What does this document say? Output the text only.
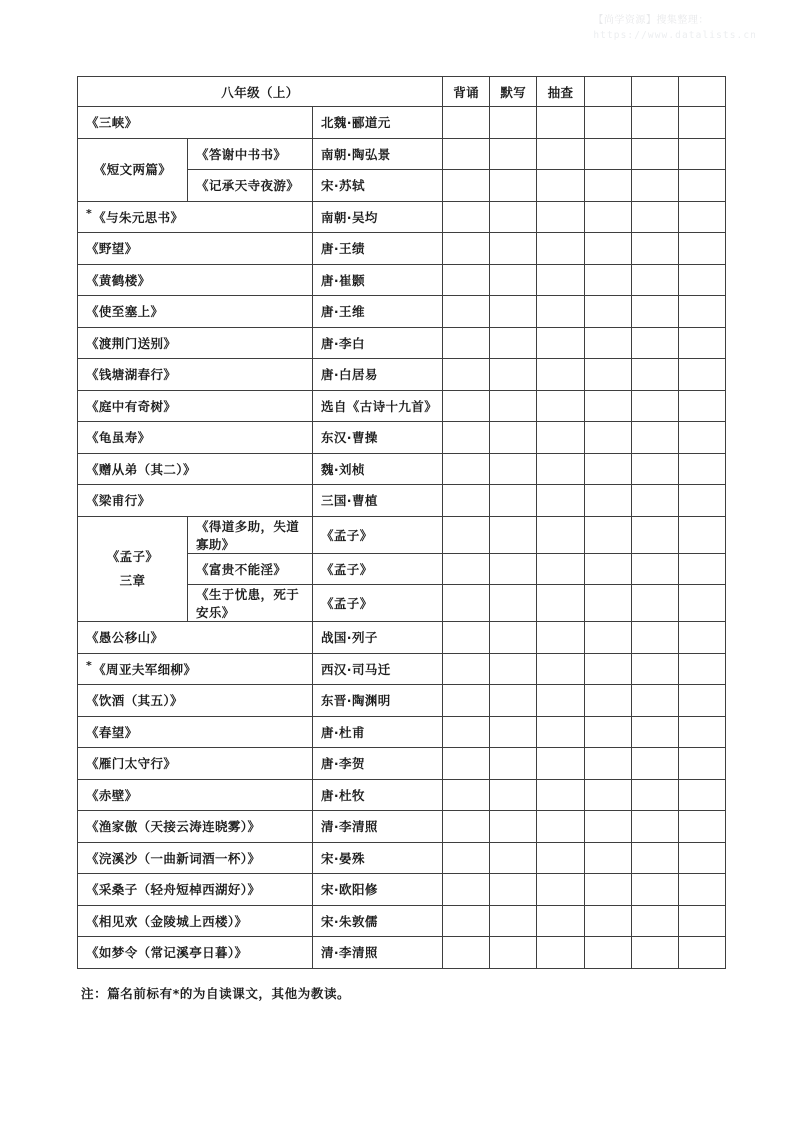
【尚学资源】搜集整理：
https://www.datalists.cn
八年级（上）			背诵	默写	抽查			
《三峡》		北魏·郦道元						

《短文两篇》	《答谢中书书》	南朝·陶弘景						
	《记承天寺夜游》	宋·苏轼						
*《与朱元思书》		南朝·吴均						
《野望》		唐·王绩						
《黄鹤楼》		唐·崔颢						
《使至塞上》		唐·王维						
《渡荆门送别》		唐·李白						
《钱塘湖春行》		唐·白居易						
《庭中有奇树》		选自《古诗十九首》						
《龟虽寿》		东汉·曹操						
《赠从弟（其二）》		魏·刘桢						
《梁甫行》		三国·曹植						

《孟子》
三章	《得道多助，失道寡助》	《孟子》						
	《富贵不能淫》	《孟子》						
	《生于忧患，死于安乐》	《孟子》						
《愚公移山》		战国·列子						
*《周亚夫军细柳》		西汉·司马迁						
《饮酒（其五）》		东晋·陶渊明						
《春望》		唐·杜甫						
《雁门太守行》		唐·李贺						
《赤壁》		唐·杜牧						
《渔家傲（天接云涛连晓雾）》		清·李清照						
《浣溪沙（一曲新词酒一杯）》		宋·晏殊						
《采桑子（轻舟短棹西湖好）》		宋·欧阳修						
《相见欢（金陵城上西楼）》		宋·朱敦儒						
《如梦令（常记溪亭日暮）》		清·李清照						
注：篇名前标有*的为自读课文，其他为教读。
